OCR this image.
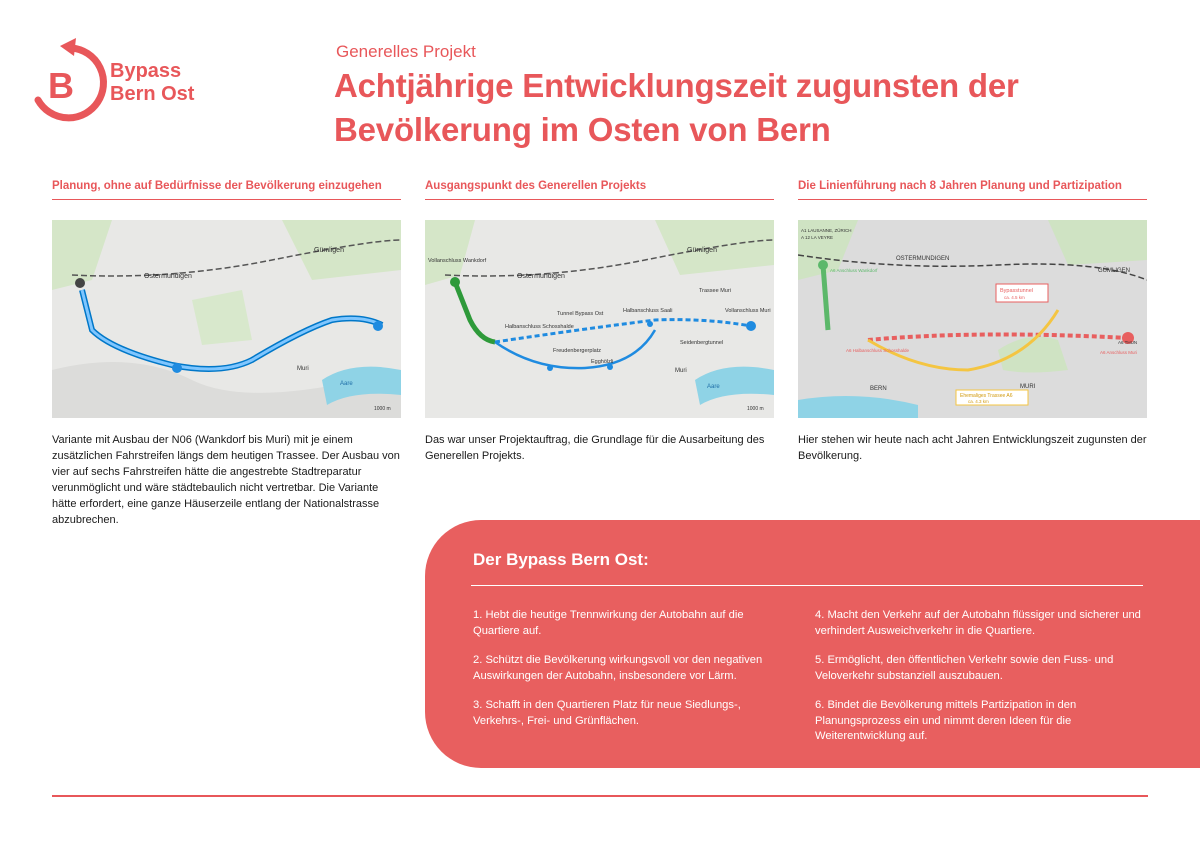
B Bypass
Bern Ost
Generelles Projekt
Achtjährige Entwicklungszeit zugunsten der Bevölkerung im Osten von Bern
Planung, ohne auf Bedürfnisse der Bevölkerung einzugehen
Ostermundigen
Gümligen
Muri
Aare
1000 m
Variante mit Ausbau der N06 (Wankdorf bis Muri) mit je einem zusätzlichen Fahrstreifen längs dem heutigen Trassee. Der Ausbau von vier auf sechs Fahrstreifen hätte die angestrebte Stadtreparatur verunmöglicht und wäre städtebaulich nicht vertretbar. Die Variante hätte erfordert, eine ganze Häuserzeile entlang der Nationalstrasse abzubrechen.
Ausgangspunkt des Generellen Projekts
Vollanschluss Wankdorf
Ostermundigen
Gümligen
Trassee Muri
Vollanschluss Muri
Tunnel Bypass Ost	Halbanschluss Saali
Halbanschluss Schosshalde
Seidenbergtunnel
Freudenbergerplatz
Egghölzli
Muri
Aare
1000 m
Das war unser Projektauftrag, die Grundlage für die Ausarbeitung des Generellen Projekts.
Die Linienführung nach 8 Jahren Planung und Partizipation
A1 LAUSANNE, ZÜRICH
A 12 LA VEYRE
OSTERMUNDIGEN
GÜMLIGEN
Bypasstunnel
ca. 4.5 km
A6 Anschluss Wankdorf
A6 Halbanschluss Schosshalde	A6 Anschluss Muri
BERN	MURI
Ehemaliges Trassee A6
ca. 4.3 km
A6 THUN
Hier stehen wir heute nach acht Jahren Entwicklungszeit zugunsten der Bevölkerung.
Der Bypass Bern Ost:
1. Hebt die heutige Trennwirkung der Autobahn auf die Quartiere auf.
2. Schützt die Bevölkerung wirkungsvoll vor den negativen Auswirkungen der Autobahn, insbesondere vor Lärm.
3. Schafft in den Quartieren Platz für neue Siedlungs-, Verkehrs-, Frei- und Grünflächen.
4. Macht den Verkehr auf der Autobahn flüssiger und sicherer und verhindert Ausweichverkehr in die Quartiere.
5. Ermöglicht, den öffentlichen Verkehr sowie den Fuss- und Veloverkehr substanziell auszubauen.
6. Bindet die Bevölkerung mittels Partizipation in den Planungsprozess ein und nimmt deren Ideen für die Weiterentwicklung auf.
